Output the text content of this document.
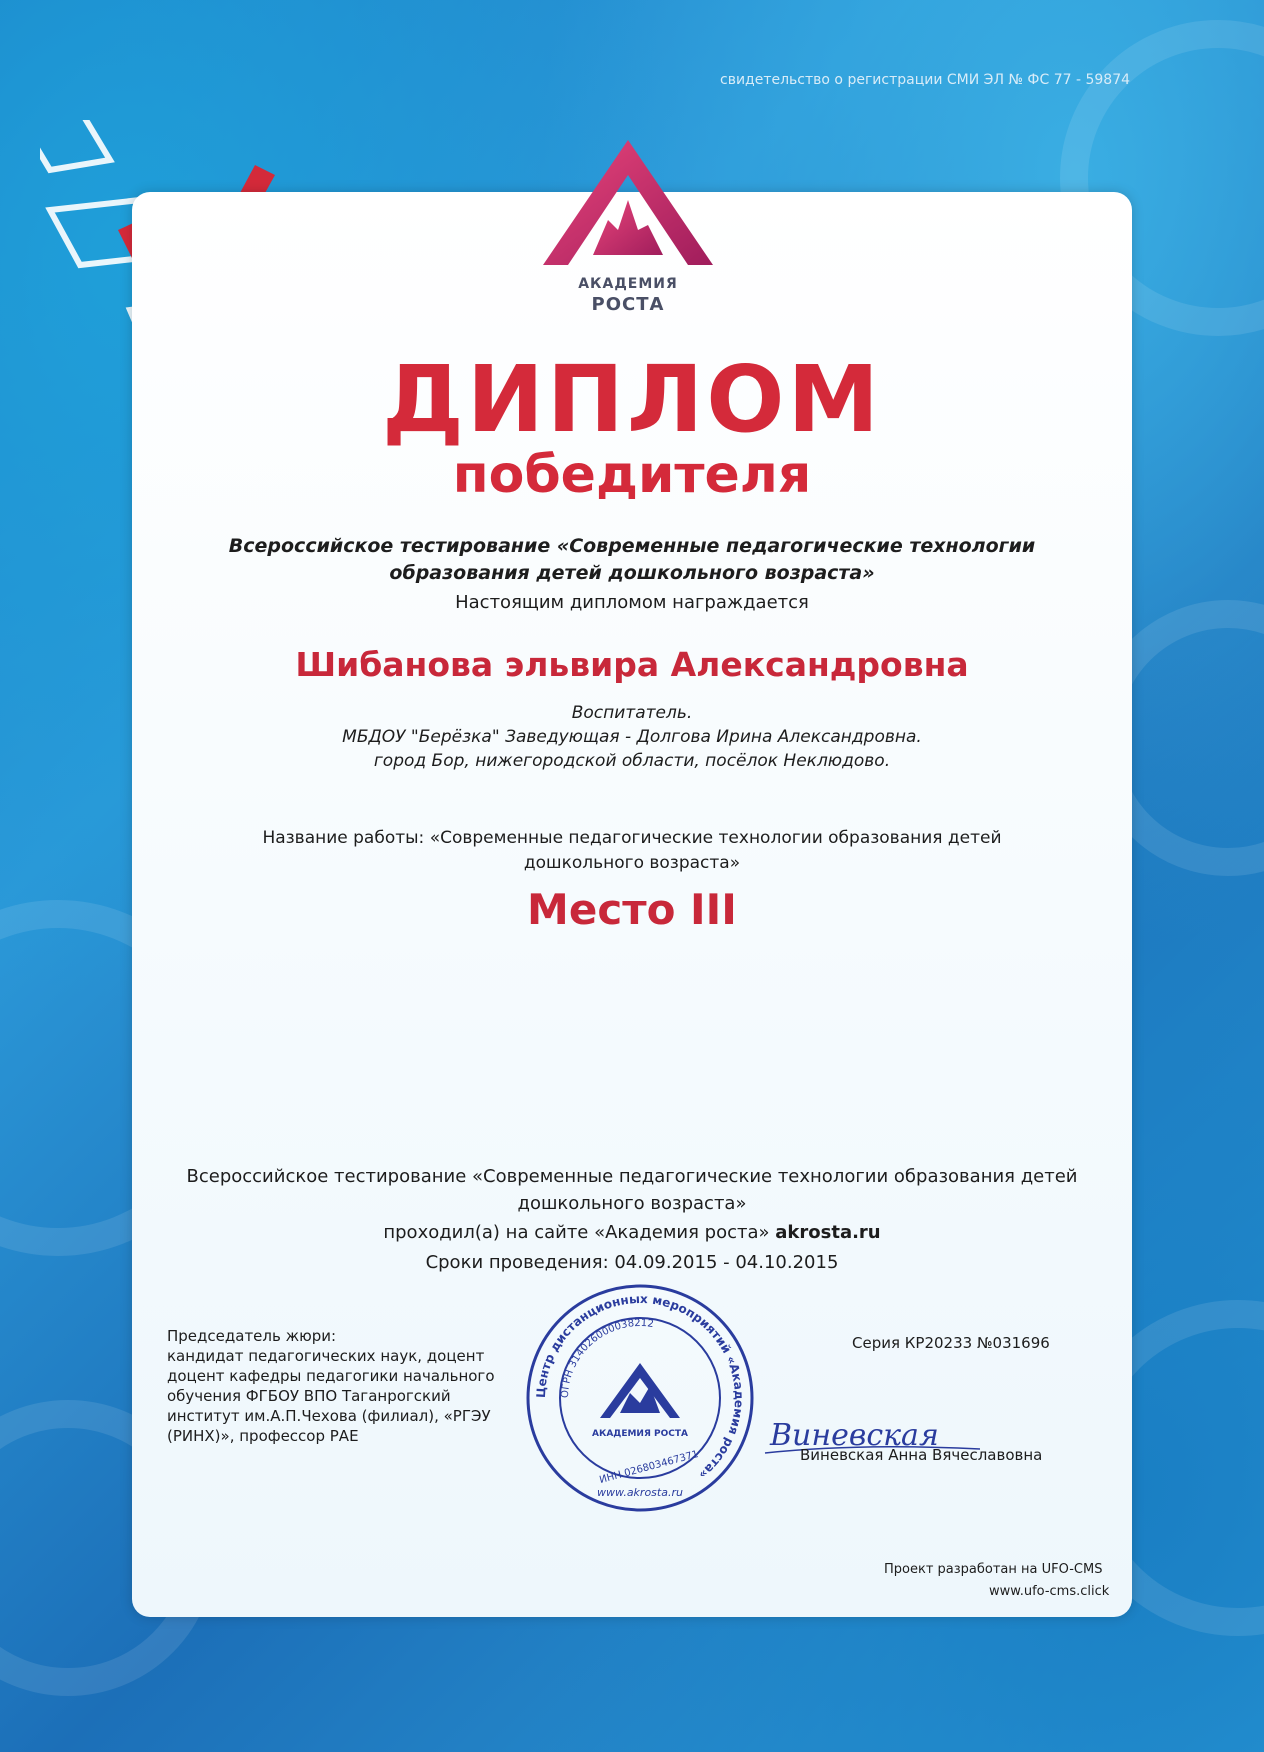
свидетельство о регистрации СМИ ЭЛ № ФС 77 - 59874
АКАДЕМИЯ
РОСТА
ДИПЛОМ
победителя
Всероссийское тестирование «Современные педагогические технологии
образования детей дошкольного возраста»
Настоящим дипломом награждается
Шибанова эльвира Александровна
Воспитатель.
МБДОУ "Берёзка" Заведующая - Долгова Ирина Александровна.
город Бор, нижегородской области, посёлок Неклюдово.
Название работы: «Современные педагогические технологии образования детей
дошкольного возраста»
Место III
Всероссийское тестирование «Современные педагогические технологии образования детей
дошкольного возраста»
проходил(а) на сайте «Академия роста» akrosta.ru
Сроки проведения: 04.09.2015 - 04.10.2015
Председатель жюри:
кандидат педагогических наук, доцент
доцент кафедры педагогики начального
обучения ФГБОУ ВПО Таганрогский
институт им.А.П.Чехова (филиал), «РГЭУ
(РИНХ)», профессор РАЕ
Серия КР20233 №031696
Центр дистанционных мероприятий «Академия роста»
ОГРН 314026000038212
АКАДЕМИЯ РОСТА
www.akrosta.ru
ИНН 026803467371
Виневская
Виневская Анна Вячеславовна
Проект разработан на UFO-CMS
www.ufo-cms.click
